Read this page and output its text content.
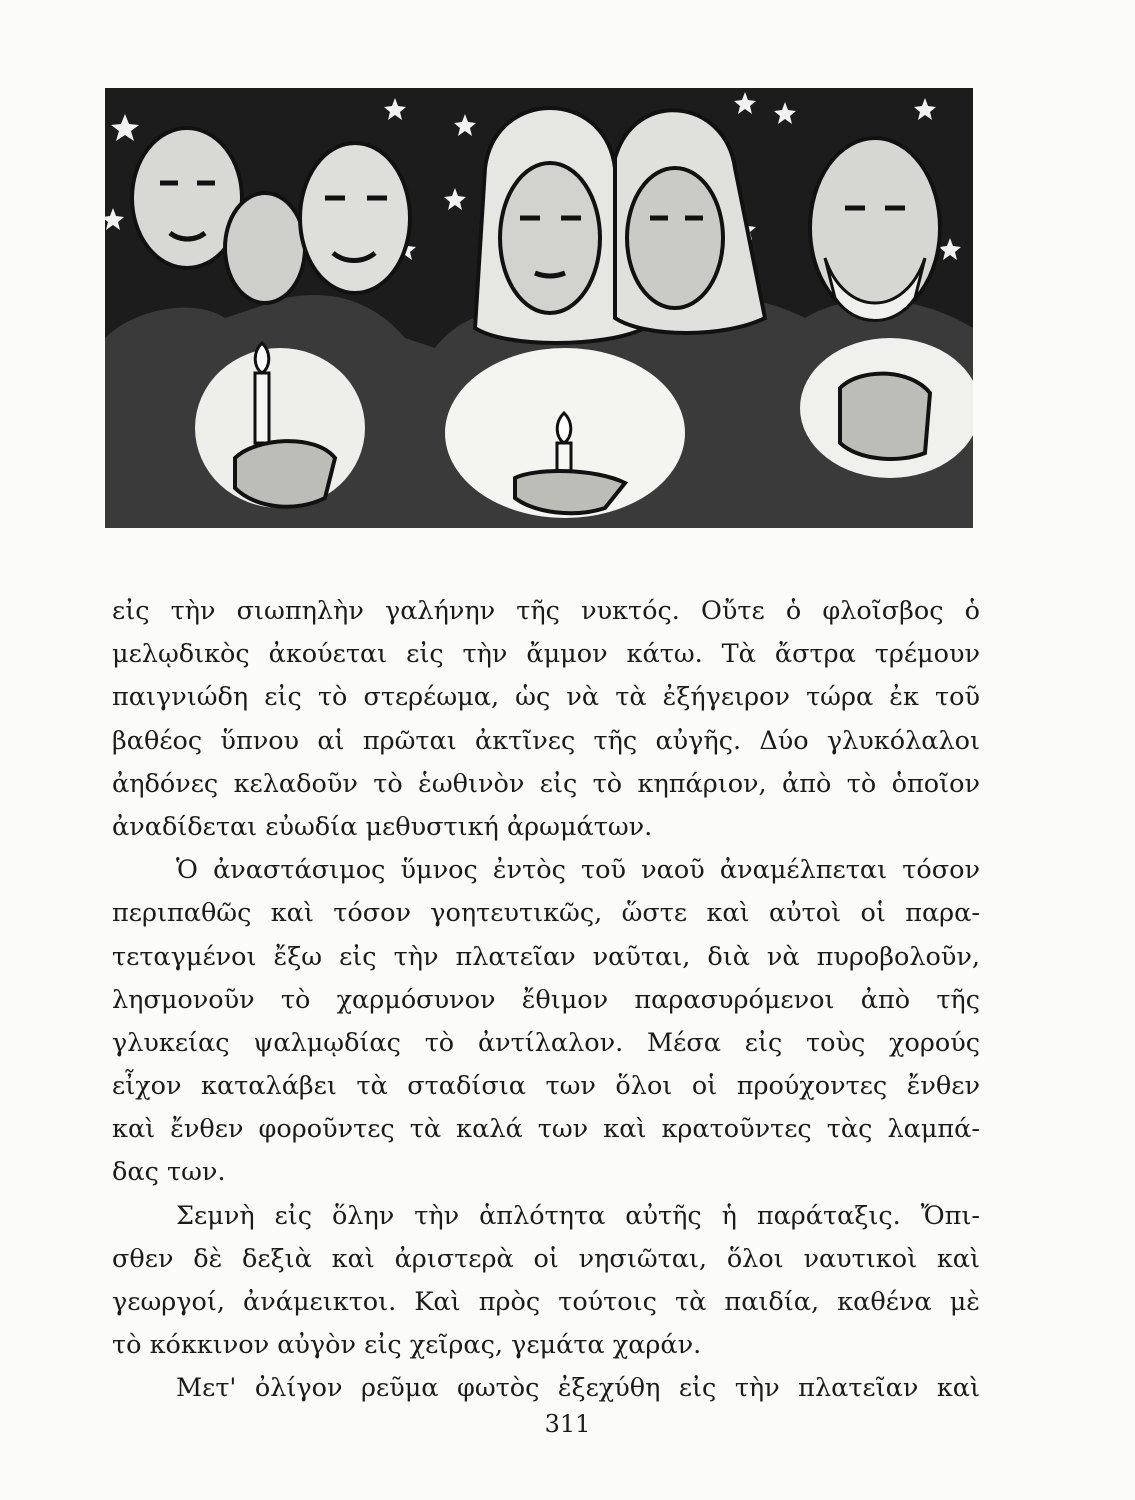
εἰς τὴν σιωπηλὴν γαλήνην τῆς νυκτός. Οὔτε ὁ φλοῖσβος ὁ
μελῳδικὸς ἀκούεται εἰς τὴν ἄμμον κάτω. Τὰ ἄστρα τρέμουν
παιγνιώδη εἰς τὸ στερέωμα, ὡς νὰ τὰ ἐξήγειρον τώρα ἐκ τοῦ
βαθέος ὕπνου αἱ πρῶται ἀκτῖνες τῆς αὐγῆς. Δύο γλυκόλαλοι
ἀηδόνες κελαδοῦν τὸ ἑωθινὸν εἰς τὸ κηπάριον, ἀπὸ τὸ ὁποῖον
ἀναδίδεται εὐωδία μεθυστική ἀρωμάτων.
Ὁ ἀναστάσιμος ὕμνος ἐντὸς τοῦ ναοῦ ἀναμέλπεται τόσον
περιπαθῶς καὶ τόσον γοητευτικῶς, ὥστε καὶ αὐτοὶ οἱ παρα-
τεταγμένοι ἔξω εἰς τὴν πλατεῖαν ναῦται, διὰ νὰ πυροβολοῦν,
λησμονοῦν τὸ χαρμόσυνον ἔθιμον παρασυρόμενοι ἀπὸ τῆς
γλυκείας ψαλμῳδίας τὸ ἀντίλαλον. Μέσα εἰς τοὺς χορούς
εἶχον καταλάβει τὰ σταδίσια των ὅλοι οἱ προύχοντες ἔνθεν
καὶ ἔνθεν φοροῦντες τὰ καλά των καὶ κρατοῦντες τὰς λαμπά-
δας των.
Σεμνὴ εἰς ὅλην τὴν ἁπλότητα αὐτῆς ἡ παράταξις. Ὄπι-
σθεν δὲ δεξιὰ καὶ ἀριστερὰ οἱ νησιῶται, ὅλοι ναυτικοὶ καὶ
γεωργοί, ἀνάμεικτοι. Καὶ πρὸς τούτοις τὰ παιδία, καθένα μὲ
τὸ κόκκινον αὐγὸν εἰς χεῖρας, γεμάτα χαράν.
Μετ' ὀλίγον ρεῦμα φωτὸς ἐξεχύθη εἰς τὴν πλατεῖαν καὶ
311
